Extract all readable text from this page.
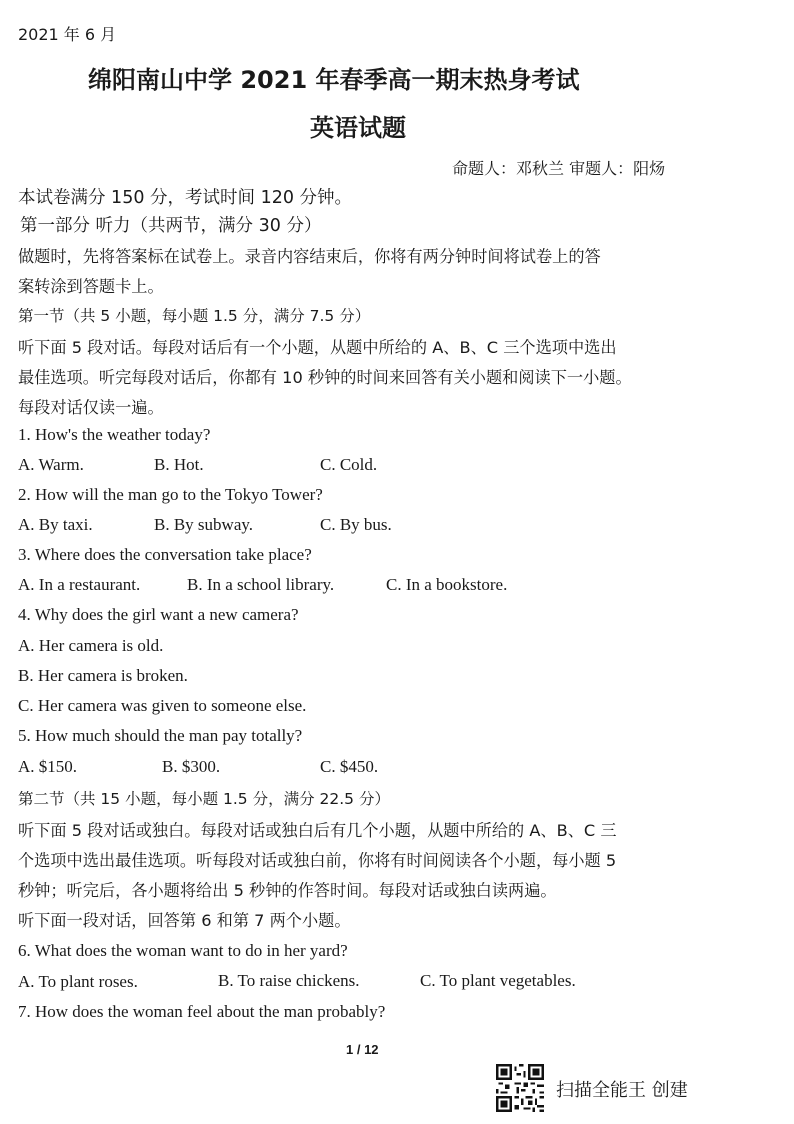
2021 年 6 月
绵阳南山中学 2021 年春季高一期末热身考试
英语试题
命题人：邓秋兰 审题人：阳炀
本试卷满分 150 分，考试时间 120 分钟。
第一部分 听力（共两节，满分 30 分）
做题时，先将答案标在试卷上。录音内容结束后，你将有两分钟时间将试卷上的答
案转涂到答题卡上。
第一节（共 5 小题，每小题 1.5 分，满分 7.5 分）
听下面 5 段对话。每段对话后有一个小题，从题中所给的 A、B、C 三个选项中选出
最佳选项。听完每段对话后，你都有 10 秒钟的时间来回答有关小题和阅读下一小题。
每段对话仅读一遍。
1. How's the weather today?
A. Warm.	B. Hot.	C. Cold.
2. How will the man go to the Tokyo Tower?
A. By taxi.	B. By subway.	C. By bus.
3. Where does the conversation take place?
A. In a restaurant.	B. In a school library.	C. In a bookstore.
4. Why does the girl want a new camera?
A. Her camera is old.
B. Her camera is broken.
C. Her camera was given to someone else.
5. How much should the man pay totally?
A. $150.	B. $300.	C. $450.
第二节（共 15 小题，每小题 1.5 分，满分 22.5 分）
听下面 5 段对话或独白。每段对话或独白后有几个小题，从题中所给的 A、B、C 三
个选项中选出最佳选项。听每段对话或独白前，你将有时间阅读各个小题，每小题 5
秒钟；听完后，各小题将给出 5 秒钟的作答时间。每段对话或独白读两遍。
听下面一段对话，回答第 6 和第 7 两个小题。
6. What does the woman want to do in her yard?
A. To plant roses.	B. To raise chickens.	C. To plant vegetables.
7. How does the woman feel about the man probably?
1 / 12
扫描全能王 创建
